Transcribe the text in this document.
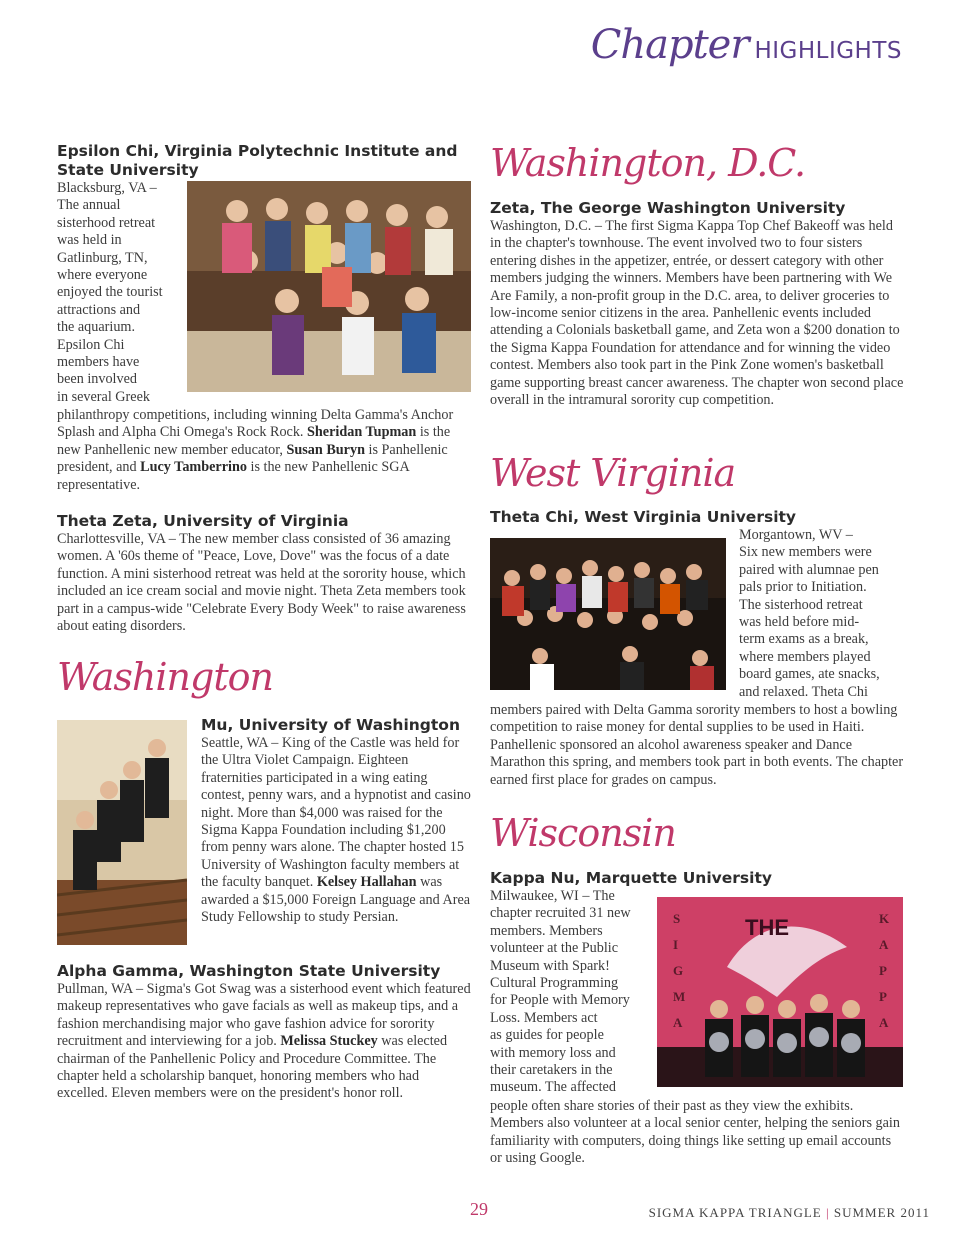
Chapter HIGHLIGHTS
Epsilon Chi, Virginia Polytechnic Institute and State University

Blacksburg, VA –

The annual

sisterhood retreat

was held in

Gatlinburg, TN,

where everyone

enjoyed the tourist

attractions and

the aquarium.

Epsilon Chi

members have

been involved

in several Greek

philanthropy competitions, including winning Delta Gamma's Anchor Splash and Alpha Chi Omega's Rock Rock. Sheridan Tupman is the new Panhellenic new member educator, Susan Buryn is Panhellenic president, and Lucy Tamberrino is the new Panhellenic SGA representative.

Theta Zeta, University of Virginia

Charlottesville, VA – The new member class consisted of 36 amazing women. A '60s theme of "Peace, Love, Dove" was the focus of a date function. A mini sisterhood retreat was held at the sorority house, which included an ice cream social and movie night. Theta Zeta members took part in a campus-wide "Celebrate Every Body Week" to raise awareness about eating disorders.

Washington
Mu, University of Washington

Seattle, WA – King of the Castle was held for the Ultra Violet Campaign. Eighteen fraternities participated in a wing eating contest, penny wars, and a hypnotist and casino night. More than $4,000 was raised for the Sigma Kappa Foundation including $1,200 from penny wars alone. The chapter hosted 15 University of Washington faculty members at the faculty banquet. Kelsey Hallahan was awarded a $15,000 Foreign Language and Area Study Fellowship to study Persian.

Alpha Gamma, Washington State University

Pullman, WA – Sigma's Got Swag was a sisterhood event which featured makeup representatives who gave facials as well as makeup tips, and a fashion merchandising major who gave fashion advice for sorority recruitment and interviewing for a job. Melissa Stuckey was elected chairman of the Panhellenic Policy and Procedure Committee. The chapter held a scholarship banquet, honoring members who had excelled. Eleven members were on the president's honor roll.

Washington, D.C.
Zeta, The George Washington University

Washington, D.C. – The first Sigma Kappa Top Chef Bakeoff was held in the chapter's townhouse. The event involved two to four sisters entering dishes in the appetizer, entrée, or dessert category with other members judging the winners. Members have been partnering with We Are Family, a non-profit group in the D.C. area, to deliver groceries to low-income senior citizens in the area. Panhellenic events included attending a Colonials basketball game, and Zeta won a $200 donation to the Sigma Kappa Foundation for attendance and for winning the video contest. Members also took part in the Pink Zone women's basketball game supporting breast cancer awareness. The chapter won second place overall in the intramural sorority cup competition.

West Virginia
Theta Chi, West Virginia University

Morgantown, WV –

Six new members were

paired with alumnae pen

pals prior to Initiation.

The sisterhood retreat

was held before mid-

term exams as a break,

where members played

board games, ate snacks,

and relaxed. Theta Chi

members paired with Delta Gamma sorority members to host a bowling competition to raise money for dental supplies to be used in Haiti. Panhellenic sponsored an alcohol awareness speaker and Dance Marathon this spring, and members took part in both events. The chapter earned first place for grades on campus.

Wisconsin
Kappa Nu, Marquette University

Milwaukee, WI – The

chapter recruited 31 new

members. Members

volunteer at the Public

Museum with Spark!

Cultural Programming

for People with Memory

Loss. Members act

as guides for people

with memory loss and

their caretakers in the

museum. The affected

people often share stories of their past as they view the exhibits. Members also volunteer at a local senior center, helping the seniors gain familiarity with computers, doing things like setting up email accounts or using Google.

S
I
G
M
A
K
A
P
P
A
THE
29	SIGMA KAPPA TRIANGLE | SUMMER 2011
